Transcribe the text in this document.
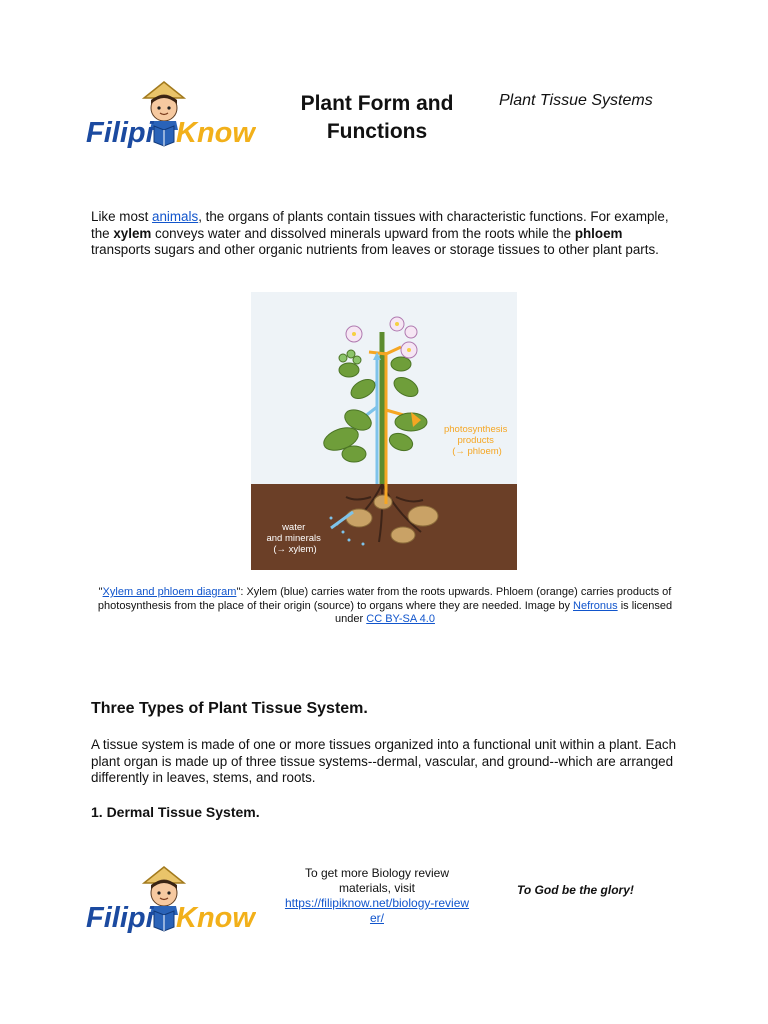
Filipi Know
Plant Form and Functions
Plant Tissue Systems
Like most animals, the organs of plants contain tissues with characteristic functions. For example, the xylem conveys water and dissolved minerals upward from the roots while the phloem transports sugars and other organic nutrients from leaves or storage tissues to other plant parts.
photosynthesis products (→ phloem)
water and minerals (→ xylem)
"Xylem and phloem diagram": Xylem (blue) carries water from the roots upwards. Phloem (orange) carries products of photosynthesis from the place of their origin (source) to organs where they are needed. Image by Nefronus is licensed under CC BY-SA 4.0
Three Types of Plant Tissue System.
A tissue system is made of one or more tissues organized into a functional unit within a plant. Each plant organ is made up of three tissue systems--dermal, vascular, and ground--which are arranged differently in leaves, stems, and roots.
1. Dermal Tissue System.
Filipi Know
To get more Biology review materials, visit
https://filipiknow.net/biology-reviewer/
To God be the glory!
